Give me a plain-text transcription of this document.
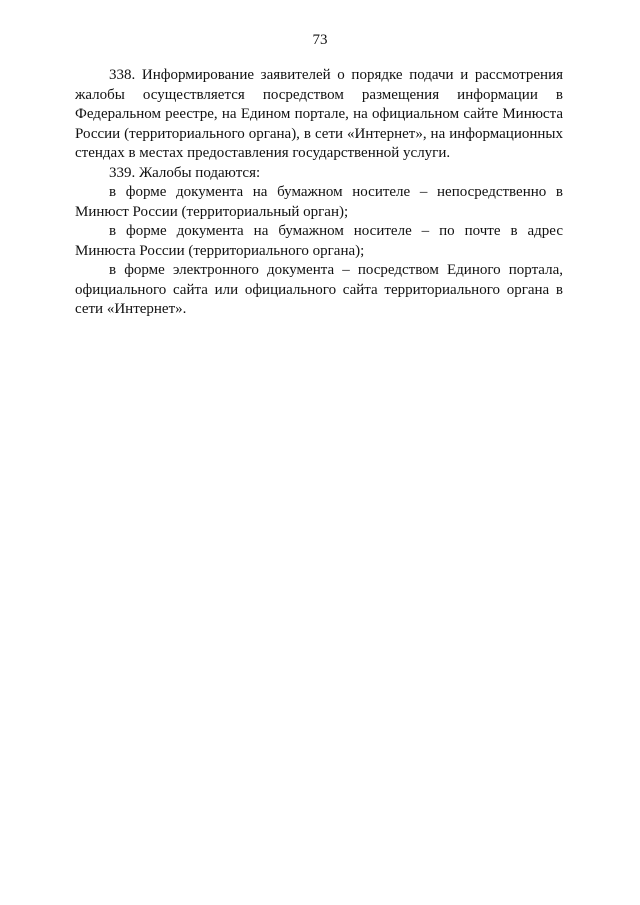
73

338. Информирование заявителей о порядке подачи и рассмотрения жалобы осуществляется посредством размещения информации в Федеральном реестре, на Едином портале, на официальном сайте Минюста России (территориального органа), в сети «Интернет», на информационных стендах в местах предоставления государственной услуги.

339. Жалобы подаются:

в форме документа на бумажном носителе – непосредственно в Минюст России (территориальный орган);

в форме документа на бумажном носителе – по почте в адрес Минюста России (территориального органа);

в форме электронного документа – посредством Единого портала, официального сайта или официального сайта территориального органа в сети «Интернет».
